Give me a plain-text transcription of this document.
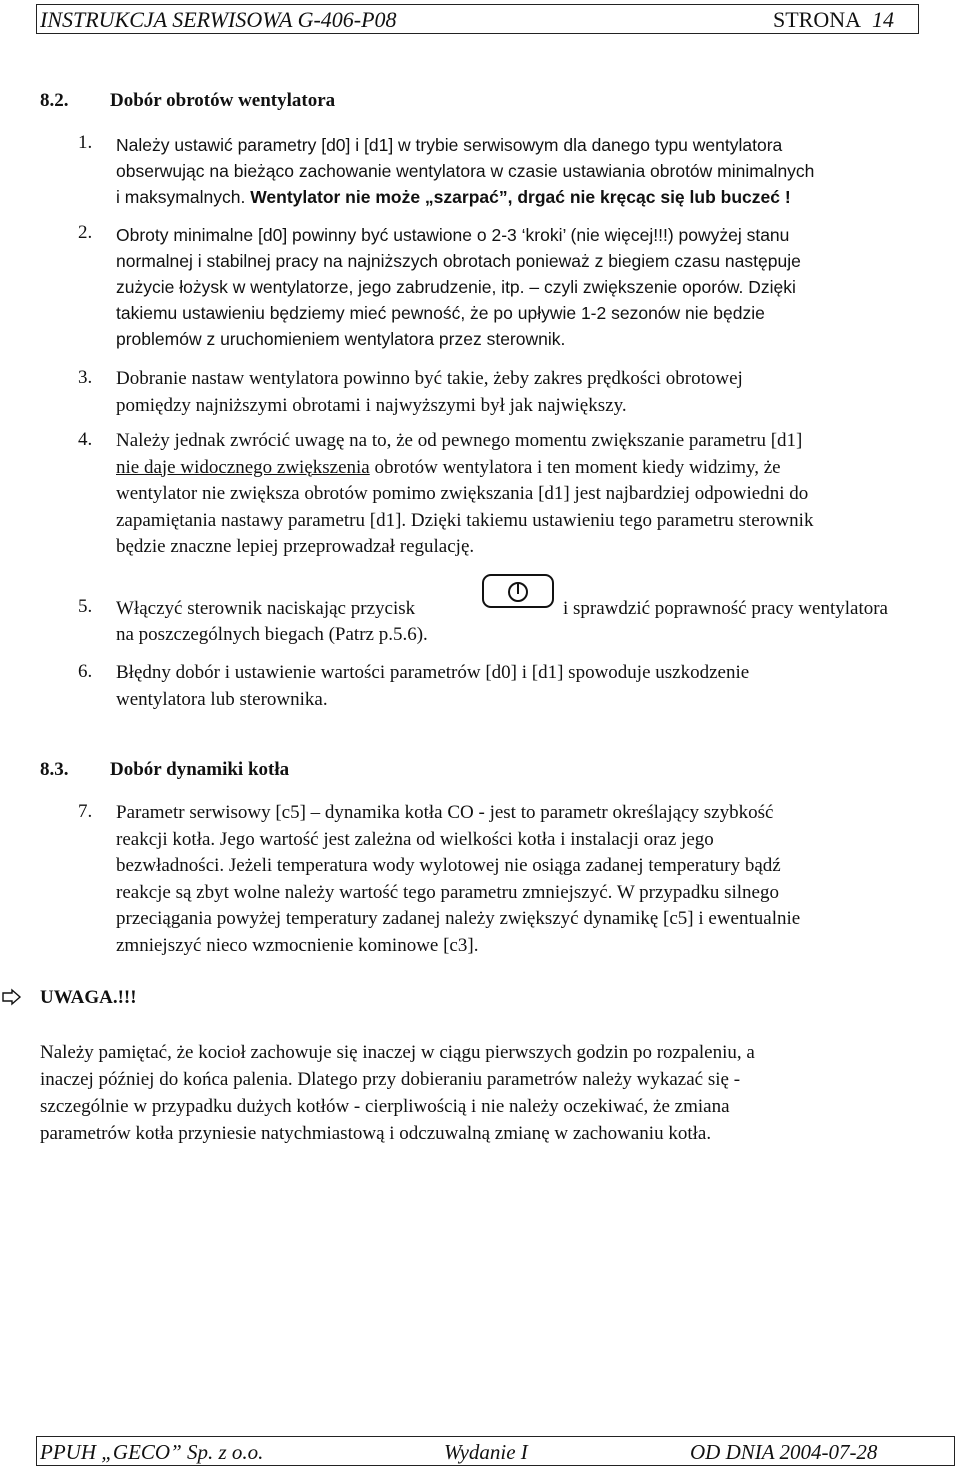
INSTRUKCJA SERWISOWA G-406-P08	STRONA 14
8.2. Dobór obrotów wentylatora
1. Należy ustawić parametry [d0] i [d1] w trybie serwisowym dla danego typu wentylatora
obserwując na bieżąco zachowanie wentylatora w czasie ustawiania obrotów minimalnych
i maksymalnych. Wentylator nie może „szarpać”, drgać nie kręcąc się lub buczeć !
2. Obroty minimalne [d0] powinny być ustawione o 2-3 ‘kroki’ (nie więcej!!!) powyżej stanu
normalnej i stabilnej pracy na najniższych obrotach ponieważ z biegiem czasu następuje
zużycie łożysk w wentylatorze, jego zabrudzenie, itp. – czyli zwiększenie oporów. Dzięki
takiemu ustawieniu będziemy mieć pewność, że po upływie 1-2 sezonów nie będzie
problemów z uruchomieniem wentylatora przez sterownik.
3. Dobranie nastaw wentylatora powinno być takie, żeby zakres prędkości obrotowej
pomiędzy najniższymi obrotami i najwyższymi był jak największy.
4. Należy jednak zwrócić uwagę na to, że od pewnego momentu zwiększanie parametru [d1]
nie daje widocznego zwiększenia obrotów wentylatora i ten moment kiedy widzimy, że
wentylator nie zwiększa obrotów pomimo zwiększania [d1] jest najbardziej odpowiedni do
zapamiętania nastawy parametru [d1]. Dzięki takiemu ustawieniu tego parametru sterownik
będzie znaczne lepiej przeprowadzał regulację.
5. Włączyć sterownik naciskając przycisk	i sprawdzić poprawność pracy wentylatora
na poszczególnych biegach (Patrz p.5.6).
6. Błędny dobór i ustawienie wartości parametrów [d0] i [d1] spowoduje uszkodzenie
wentylatora lub sterownika.
8.3. Dobór dynamiki kotła
7. Parametr serwisowy [c5] – dynamika kotła CO - jest to parametr określający szybkość
reakcji kotła. Jego wartość jest zależna od wielkości kotła i instalacji oraz jego
bezwładności. Jeżeli temperatura wody wylotowej nie osiąga zadanej temperatury bądź
reakcje są zbyt wolne należy wartość tego parametru zmniejszyć. W przypadku silnego
przeciągania powyżej temperatury zadanej należy zwiększyć dynamikę [c5] i ewentualnie
zmniejszyć nieco wzmocnienie kominowe [c3].
UWAGA.!!!
Należy pamiętać, że kocioł zachowuje się inaczej w ciągu pierwszych godzin po rozpaleniu, a
inaczej później do końca palenia. Dlatego przy dobieraniu parametrów należy wykazać się -
szczególnie w przypadku dużych kotłów - cierpliwością i nie należy oczekiwać, że zmiana
parametrów kotła przyniesie natychmiastową i odczuwalną zmianę w zachowaniu kotła.
PPUH „GECO” Sp. z o.o.	Wydanie I	OD DNIA 2004-07-28
